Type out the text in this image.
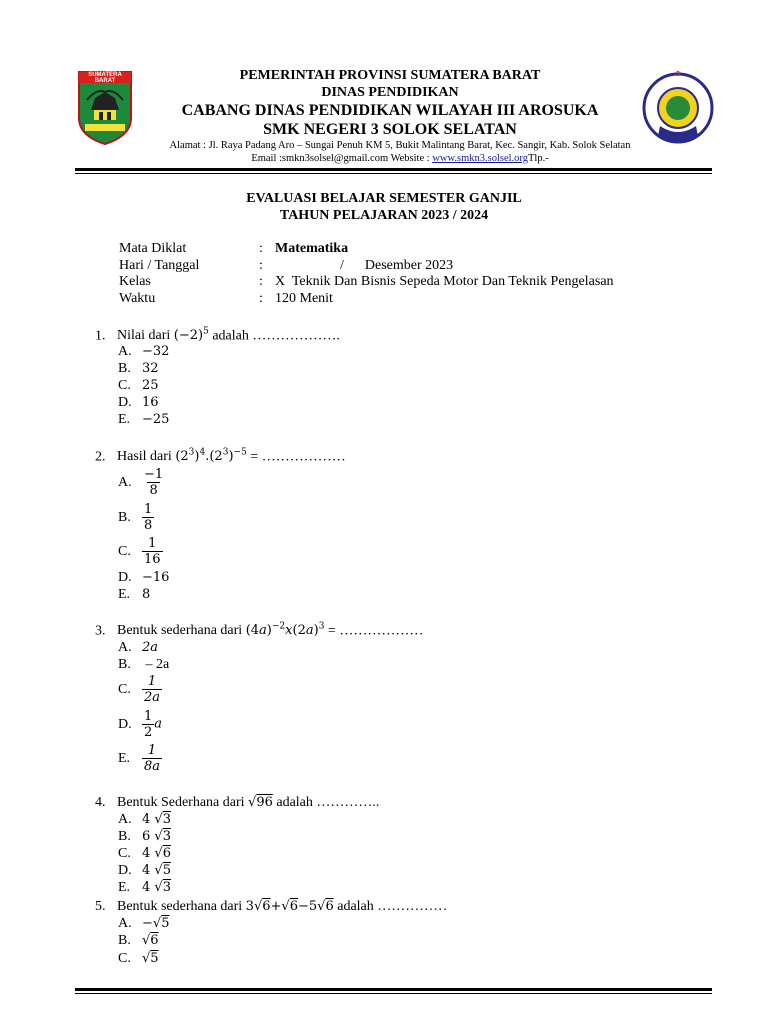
SUMATERA BARAT
3
PEMERINTAH PROVINSI SUMATERA BARAT
DINAS PENDIDIKAN
CABANG DINAS PENDIDIKAN WILAYAH III AROSUKA
SMK NEGERI 3 SOLOK SELATAN
Alamat : Jl. Raya Padang Aro – Sungai Penuh KM 5, Bukit Malintang Barat, Kec. Sangir, Kab. Solok Selatan
Email :smkn3solsel@gmail.com Website : www.smkn3.solsel.orgTlp.-
EVALUASI BELAJAR SEMESTER GANJIL
TAHUN PELAJARAN 2023 / 2024
Mata Diklat	: Matematika
Hari / Tanggal	:	/      Desember 2023
Kelas	: X  Teknik Dan Bisnis Sepeda Motor Dan Teknik Pengelasan
Waktu	: 120 Menit
1. Nilai dari $(-2)^5$ adalah ……………….
A. −32
B. 32
C. 25
D. 16
E. −25
2. Hasil dari $(2^3)^4.(2^3)^{-5}$ = ………………
A. $\frac{-1}{8}$
B. $\frac{1}{8}$
C. $\frac{1}{16}$
D. −16
E. 8
3. Bentuk sederhana dari $(4a)^{-2}x(2a)^3$ = ………………
A. 2a
B. – 2a
C. $\frac{1}{2a}$
D. $\frac{1}{2}$ a
E. $\frac{1}{8a}$
4. Bentuk Sederhana dari √96 adalah …………..
A. 4 √3
B. 6 √3
C. 4 √6
D. 4 √5
E. 4 √3
5. Bentuk sederhana dari 3√6+√6−5√6 adalah ……………
A. −√5
B. √6
C. √5
